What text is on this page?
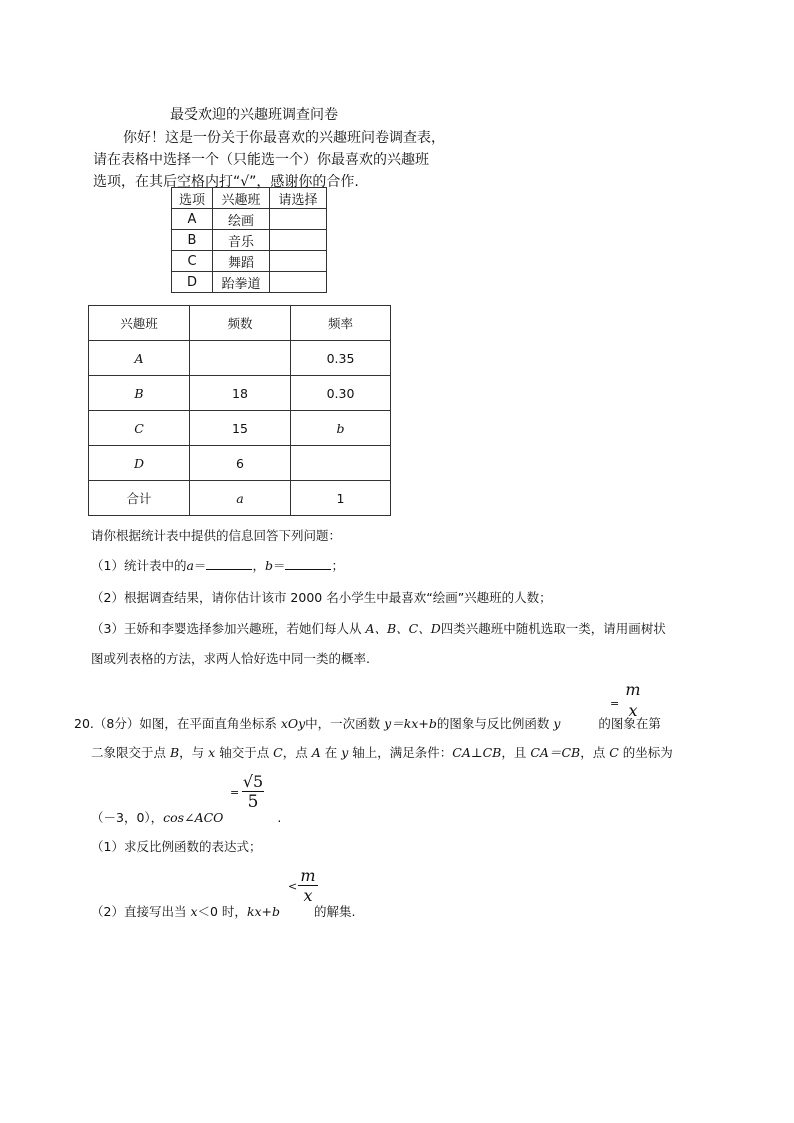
最受欢迎的兴趣班调查问卷
你好！这是一份关于你最喜欢的兴趣班问卷调查表，
请在表格中选择一个（只能选一个）你最喜欢的兴趣班
选项，在其后空格内打“√”，感谢你的合作.
选项	兴趣班	请选择
A	绘画	
B	音乐	
C	舞蹈	
D	跆拳道	
兴趣班	频数	频率
A		0.35
B	18	0.30
C	15	b
D	6	
合计	a	1
请你根据统计表中提供的信息回答下列问题：
（1）统计表中的a＝	，b＝	；
（2）根据调查结果，请你估计该市 2000 名小学生中最喜欢“绘画”兴趣班的人数；
（3）王娇和李婴选择参加兴趣班，若她们每人从 A、B、C、D四类兴趣班中随机选取一类，请用画树状
图或列表格的方法，求两人恰好选中同一类的概率.
=
m
x
20.（8分）如图，在平面直角坐标系 xOy中，一次函数 y＝kx+b的图象与反比例函数 y	的图象在第
二象限交于点 B，与 x 轴交于点 C，点 A 在 y 轴上，满足条件：CA⊥CB，且 CA＝CB，点 C 的坐标为
=
√5
5
（－3，0），cos∠ACO	.
（1）求反比例函数的表达式；
<
m
x
（2）直接写出当 x＜0 时，kx+b	的解集.
